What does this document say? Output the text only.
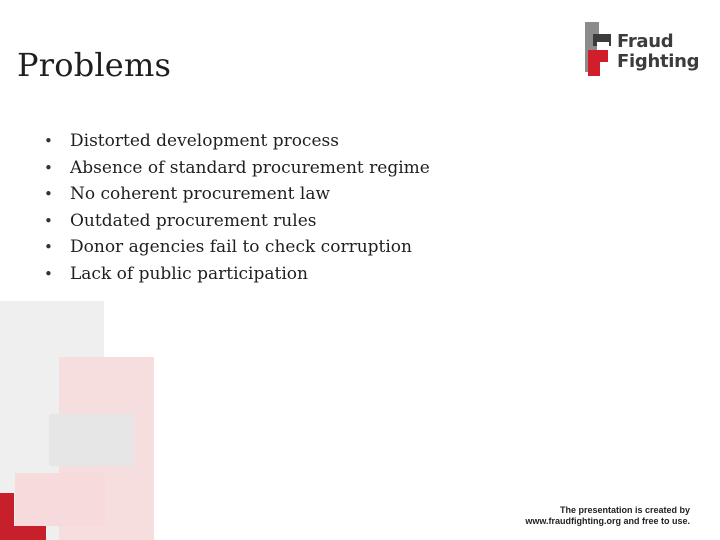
Problems
•	Distorted development process
•	Absence of standard procurement regime
•	No coherent procurement law
•	Outdated procurement rules
•	Donor agencies fail to check corruption
•	Lack of public participation
Fraud
Fighting
The presentation is created by
www.fraudfighting.org and free to use.
